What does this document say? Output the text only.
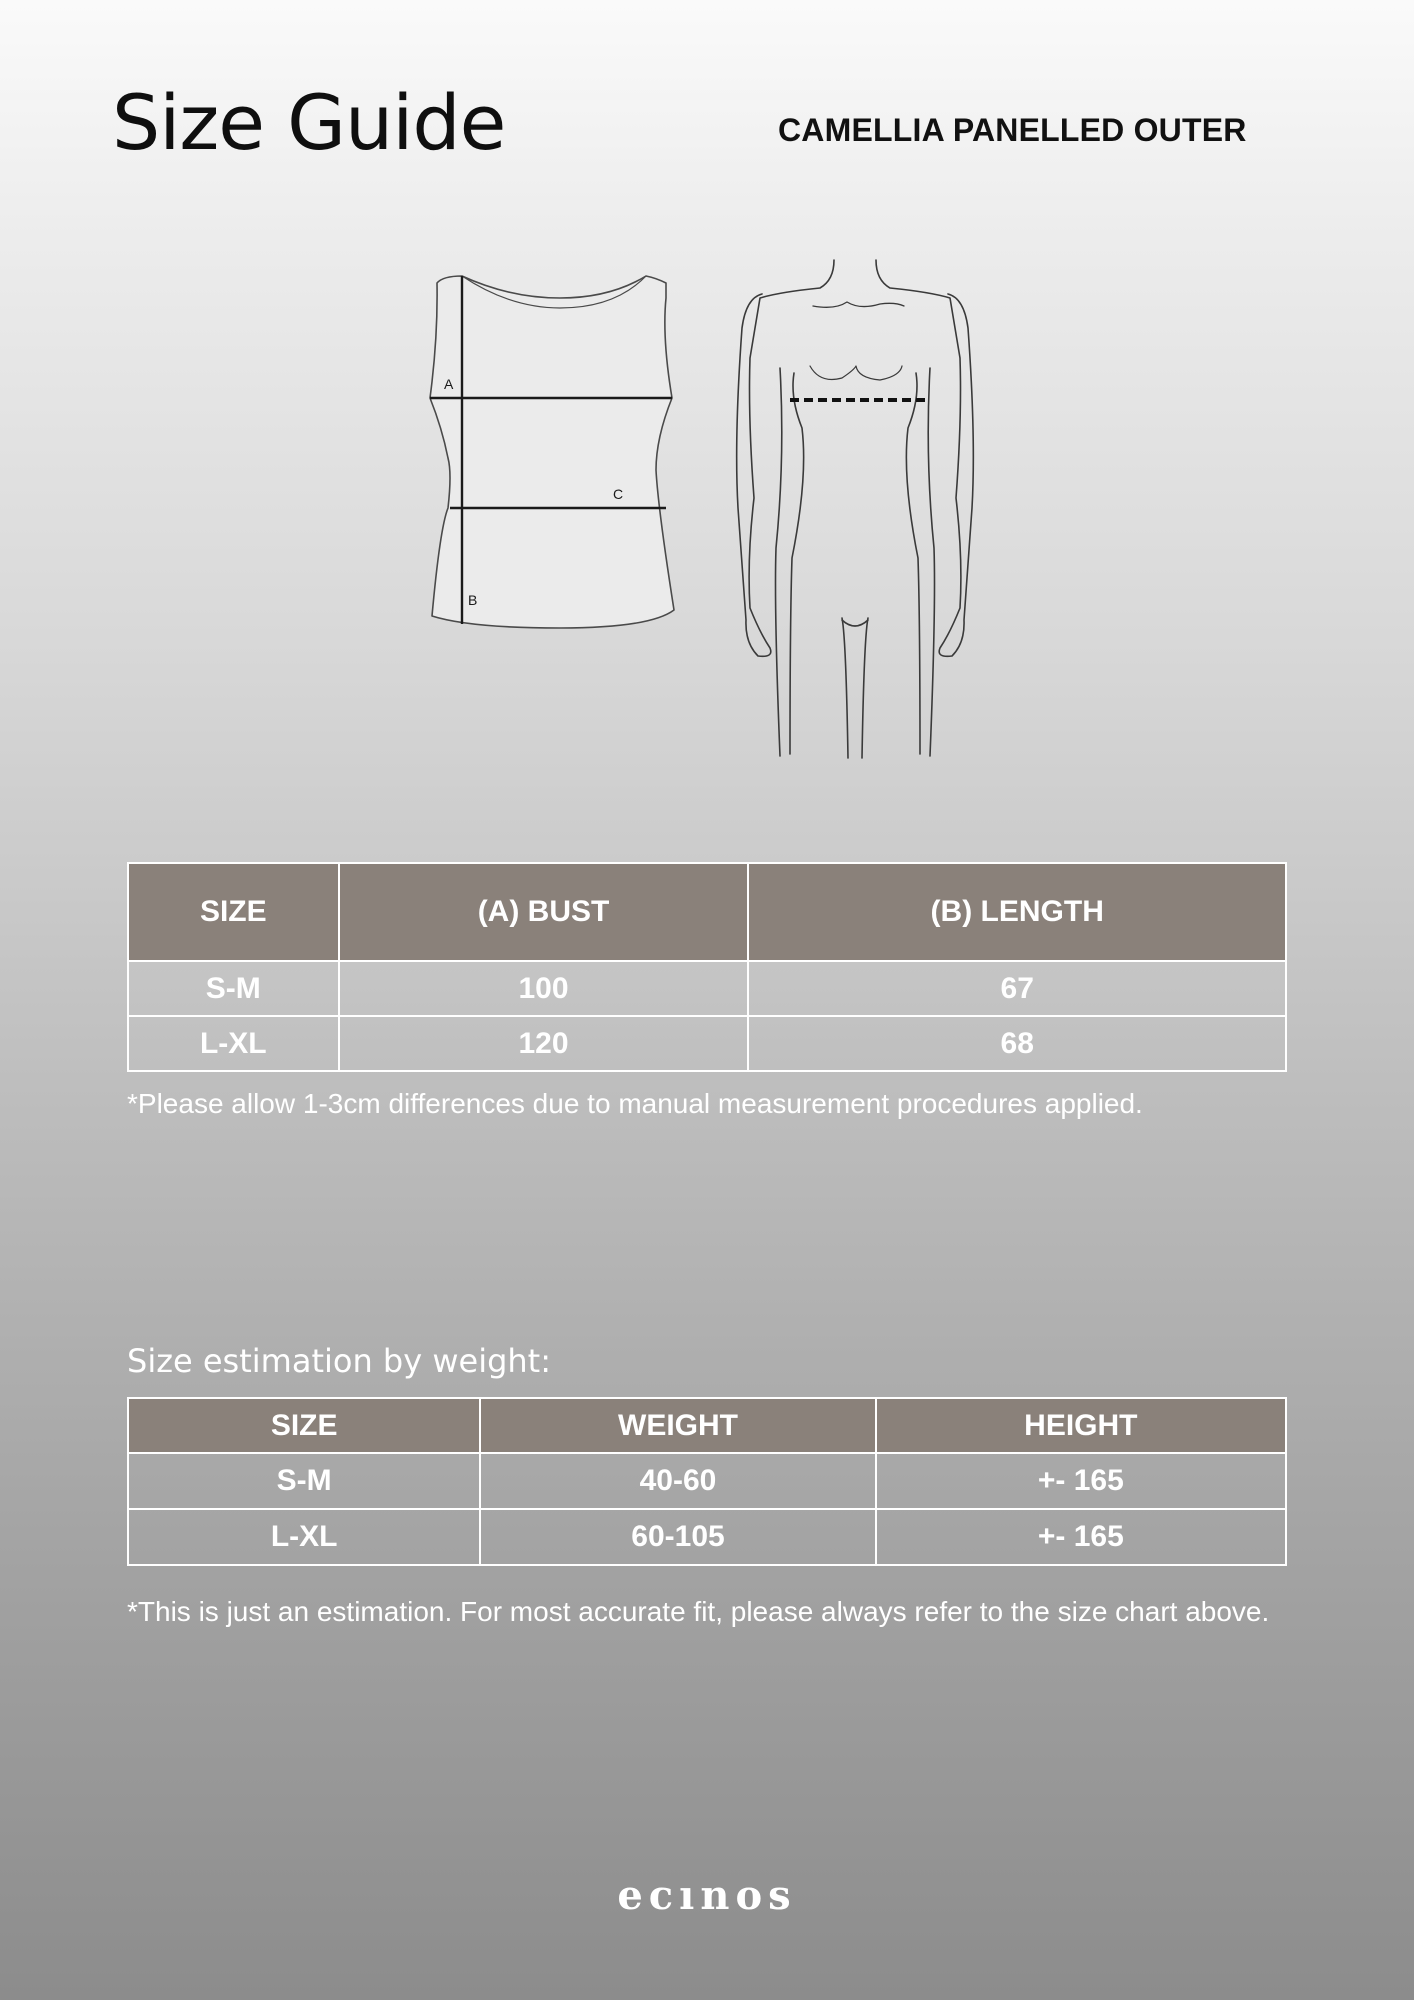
Size Guide	CAMELLIA PANELLED OUTER
A
C
B
SIZE	(A) BUST	(B) LENGTH
S-M	100	67
L-XL	120	68

*Please allow 1-3cm differences due to manual measurement procedures applied.

Size estimation by weight:
SIZE	WEIGHT	HEIGHT
S-M	40-60	+- 165
L-XL	60-105	+- 165

*This is just an estimation. For most accurate fit, please always refer to the size chart above.

ecınos
